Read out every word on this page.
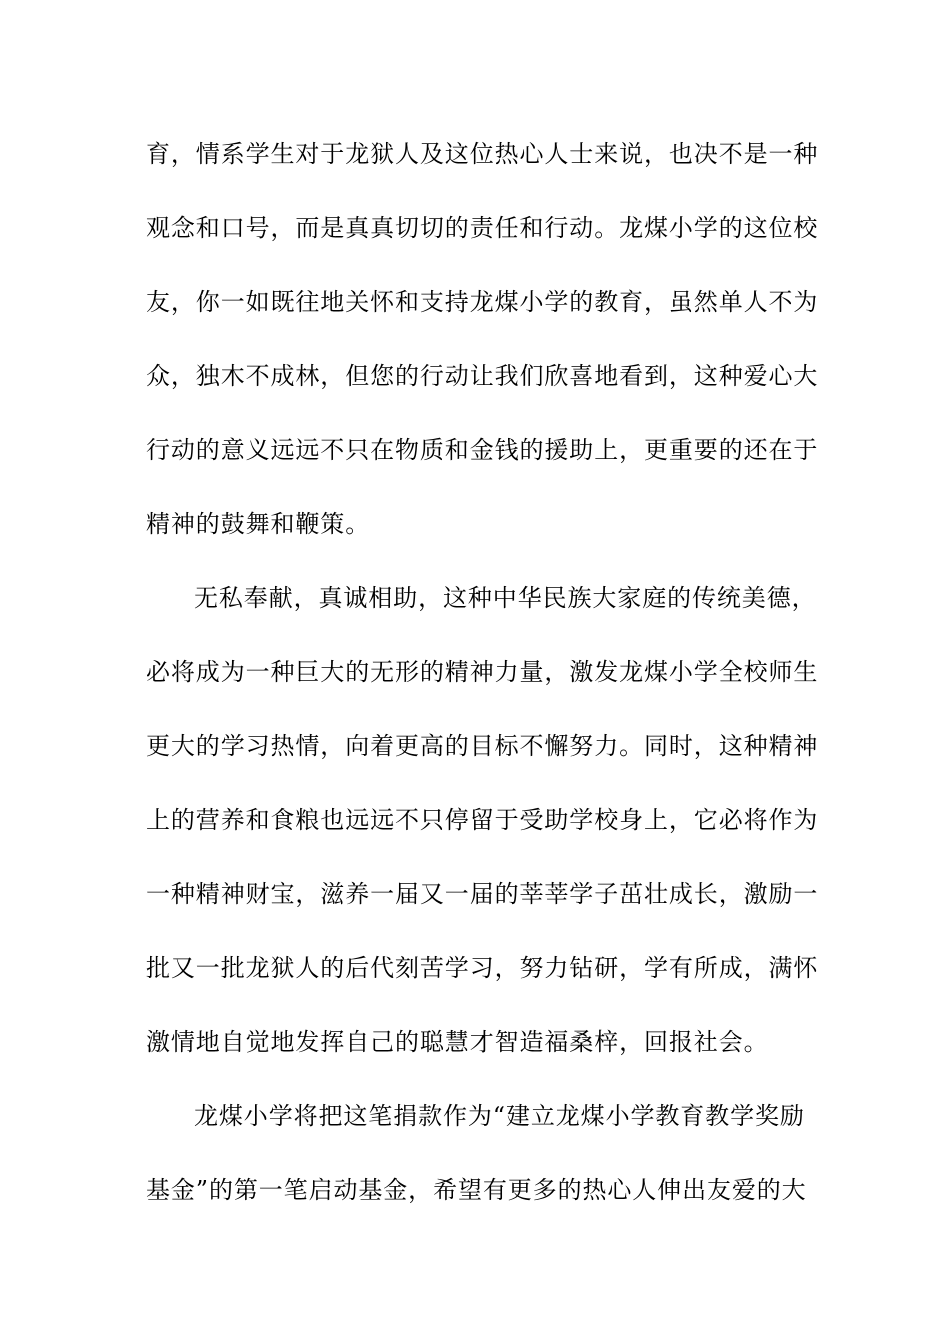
育，情系学生对于龙狱人及这位热心人士来说，也决不是一种
观念和口号，而是真真切切的责任和行动。龙煤小学的这位校
友，你一如既往地关怀和支持龙煤小学的教育，虽然单人不为
众，独木不成林，但您的行动让我们欣喜地看到，这种爱心大
行动的意义远远不只在物质和金钱的援助上，更重要的还在于
精神的鼓舞和鞭策。
无私奉献，真诚相助，这种中华民族大家庭的传统美德，
必将成为一种巨大的无形的精神力量，激发龙煤小学全校师生
更大的学习热情，向着更高的目标不懈努力。同时，这种精神
上的营养和食粮也远远不只停留于受助学校身上，它必将作为
一种精神财宝，滋养一届又一届的莘莘学子茁壮成长，激励一
批又一批龙狱人的后代刻苦学习，努力钻研，学有所成，满怀
激情地自觉地发挥自己的聪慧才智造福桑梓，回报社会。
龙煤小学将把这笔捐款作为“建立龙煤小学教育教学奖励
基金”的第一笔启动基金，希望有更多的热心人伸出友爱的大
